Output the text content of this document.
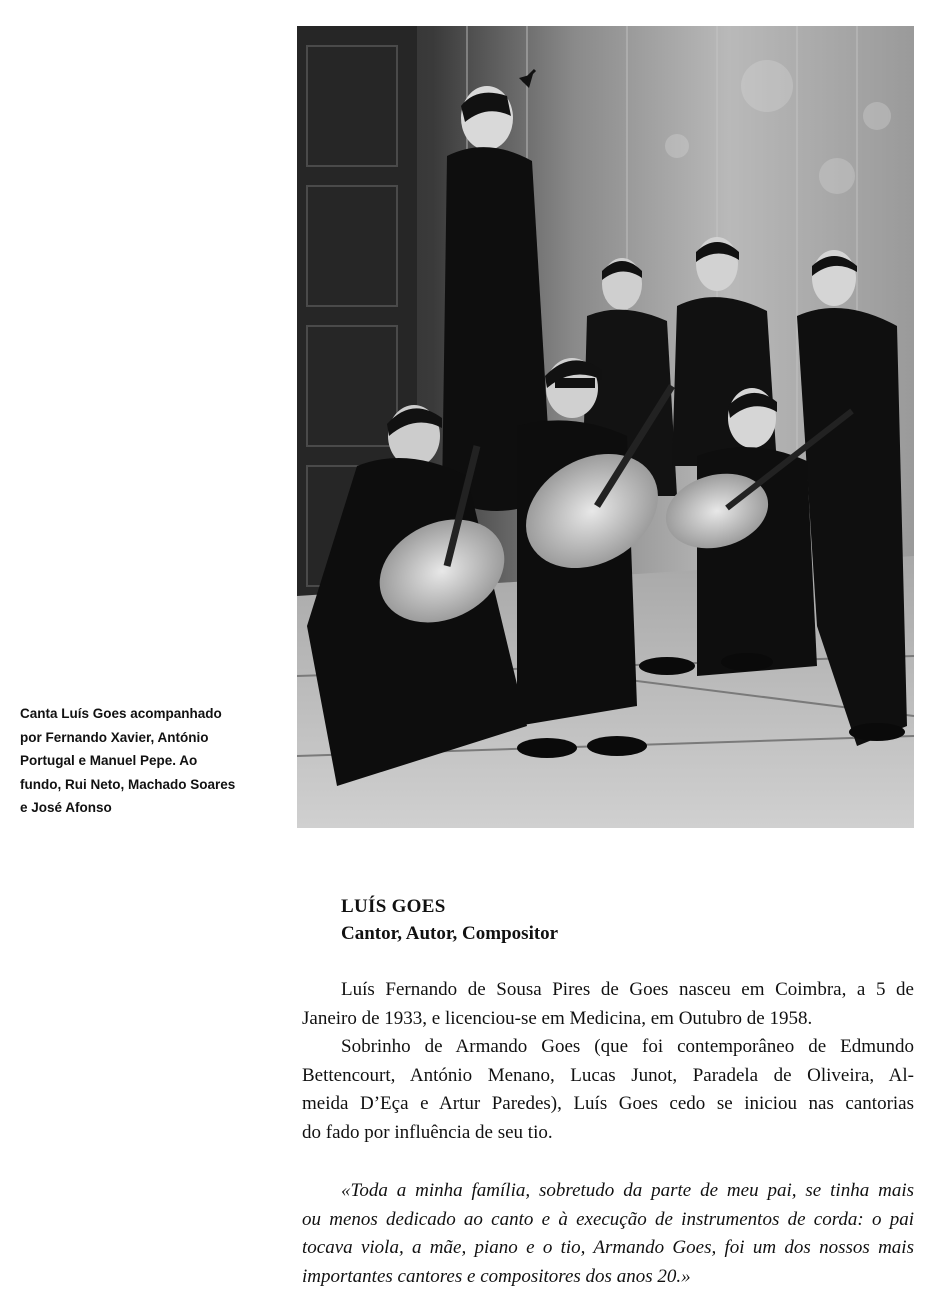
Canta Luís Goes acompanhado
por Fernando Xavier, António
Portugal e Manuel Pepe. Ao
fundo, Rui Neto, Machado Soares
e José Afonso
LUÍS GOES
Cantor, Autor, Compositor
Luís Fernando de Sousa Pires de Goes nasceu em Coimbra, a 5 de
Janeiro de 1933, e licenciou-se em Medicina, em Outubro de 1958.
Sobrinho de Armando Goes (que foi contemporâneo de Edmundo
Bettencourt, António Menano, Lucas Junot, Paradela de Oliveira, Al-
meida D’Eça e Artur Paredes), Luís Goes cedo se iniciou nas cantorias
do fado por influência de seu tio.
«Toda a minha família, sobretudo da parte de meu pai, se tinha mais
ou menos dedicado ao canto e à execução de instrumentos de corda: o pai
tocava viola, a mãe, piano e o tio, Armando Goes, foi um dos nossos mais
importantes cantores e compositores dos anos 20.»
